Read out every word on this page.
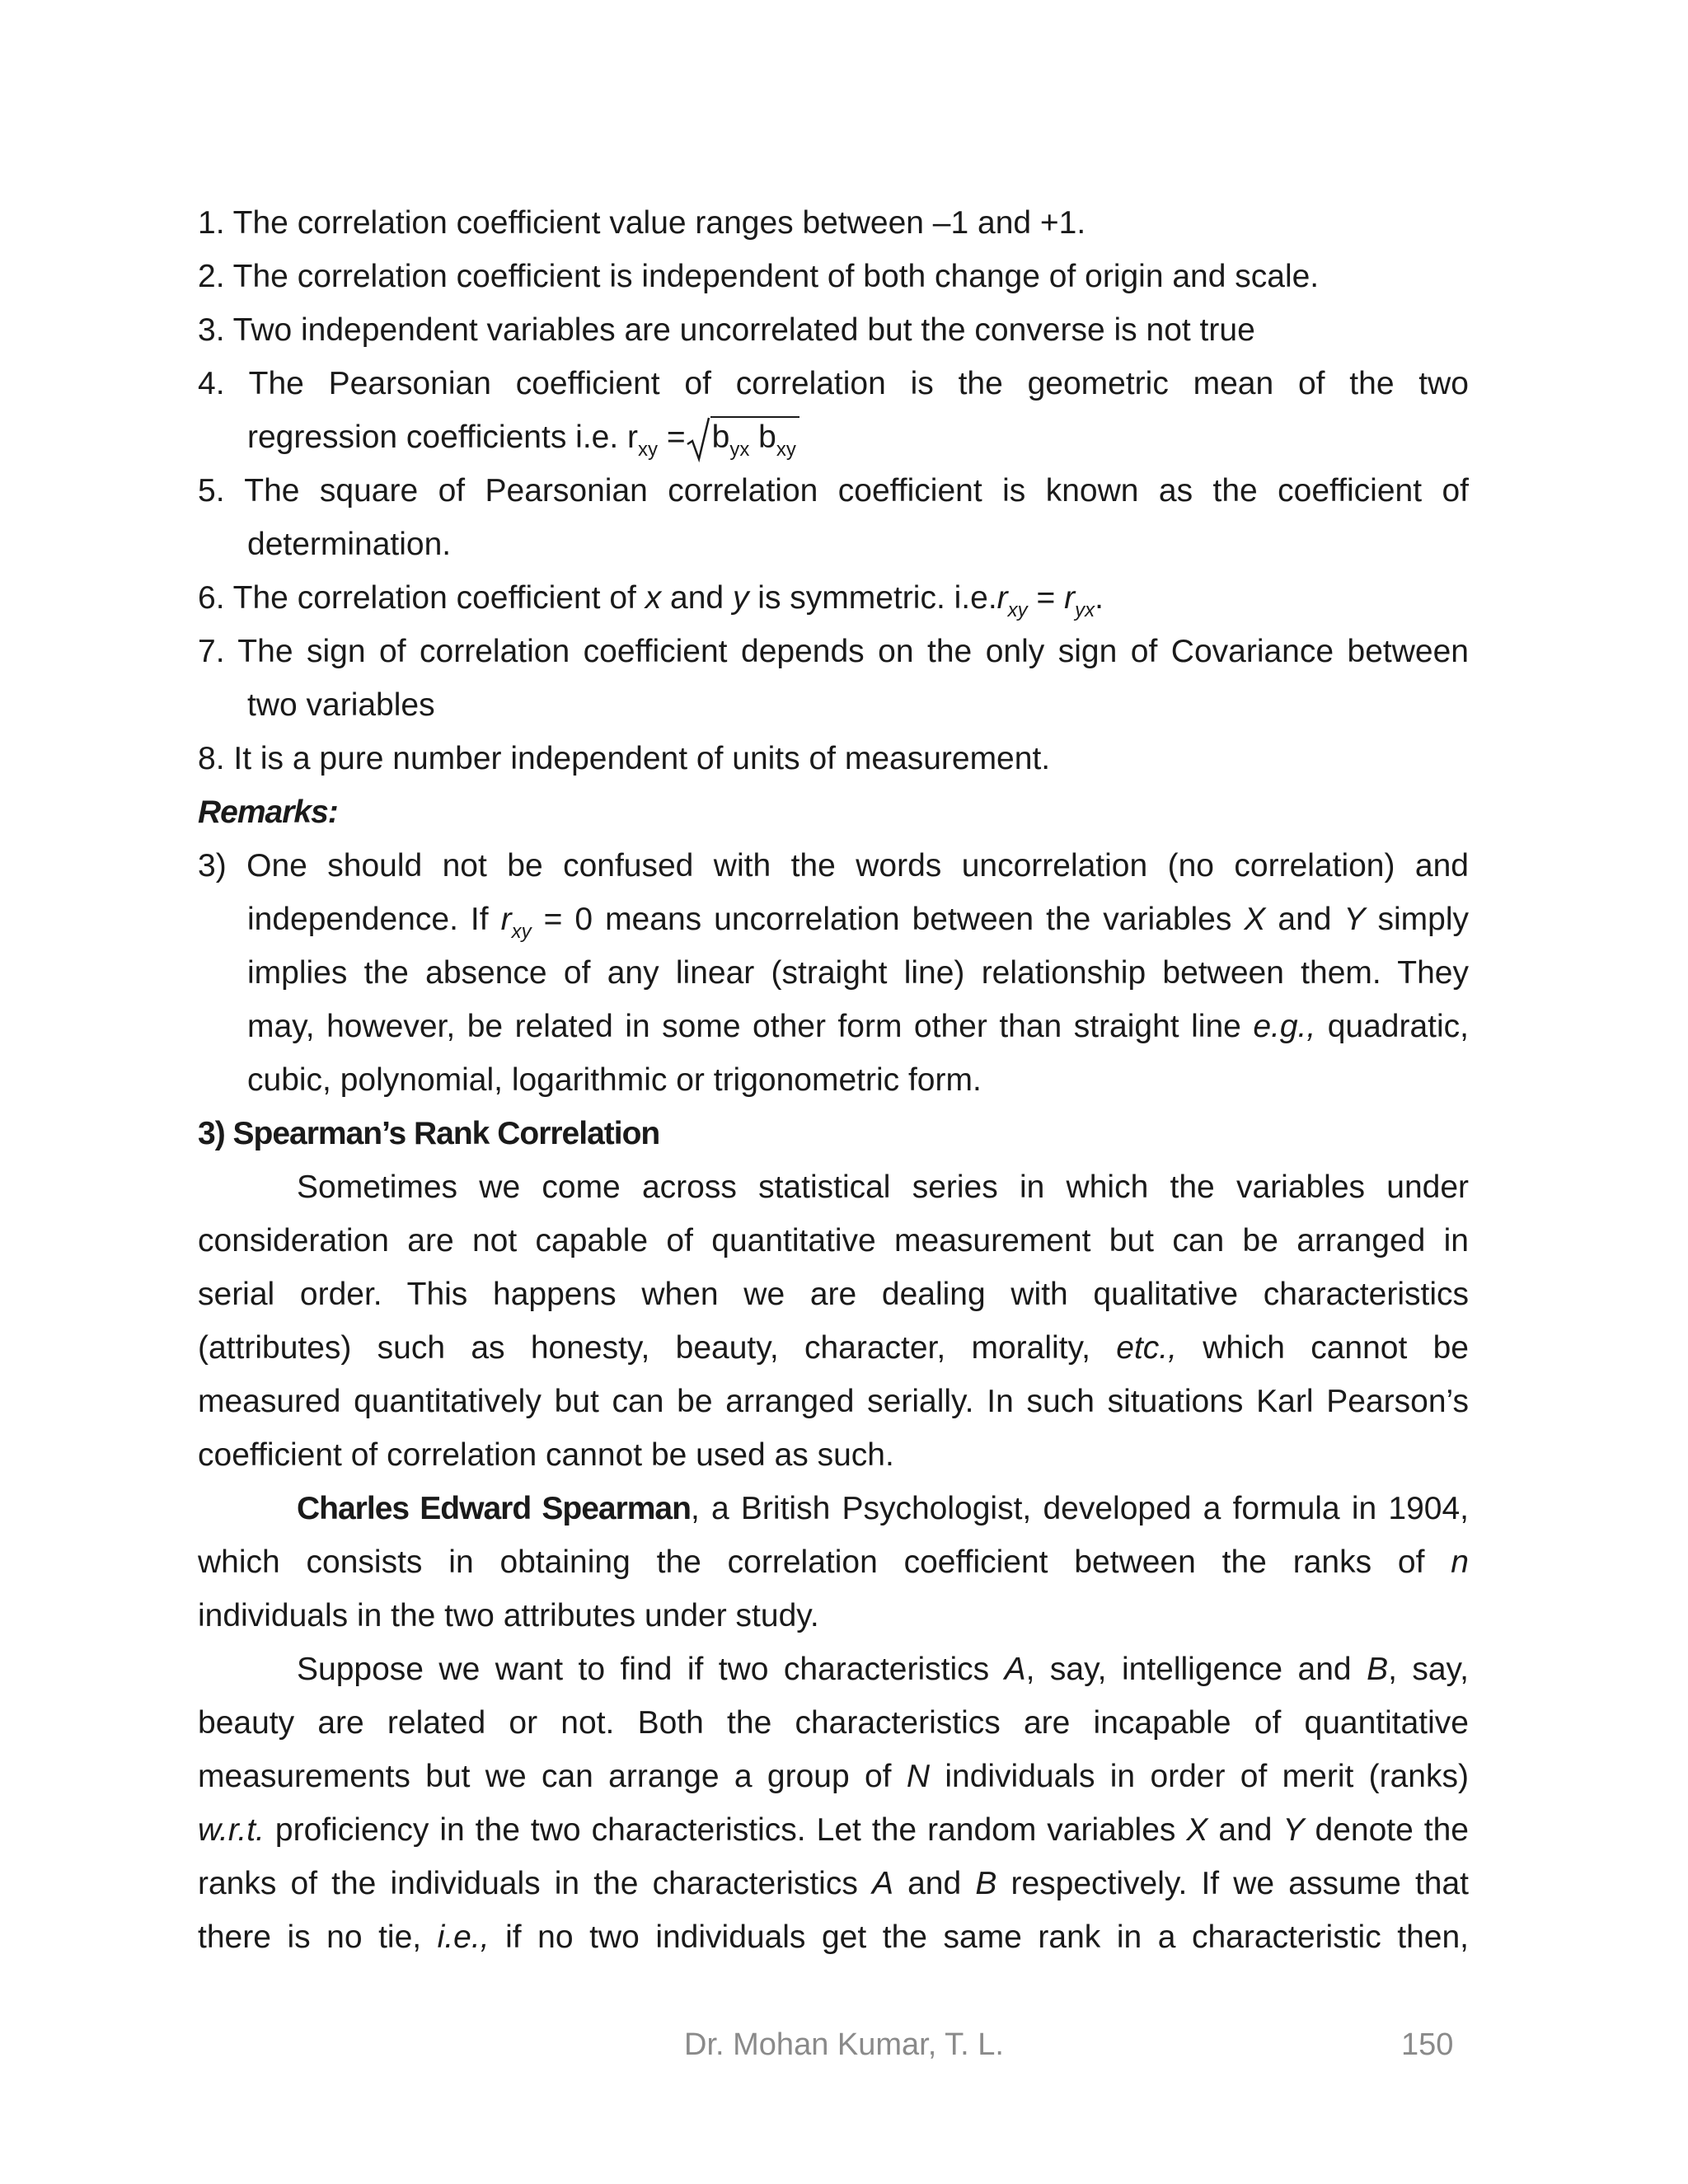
1. The correlation coefficient value ranges between –1 and +1.
2. The correlation coefficient is independent of both change of origin and scale.
3. Two independent variables are uncorrelated but the converse is not true
4. The Pearsonian coefficient of correlation is the geometric mean of the two
regression coefficients i.e. $r_{xy} = b_{yx}$ $b_{xy}$
5. The square of Pearsonian correlation coefficient is known as the coefficient of
determination.
6. The correlation coefficient of x and y is symmetric. $i.e.r_{xy} = r_{yx}$.
7. The sign of correlation coefficient depends on the only sign of Covariance between
two variables
8. It is a pure number independent of units of measurement.
Remarks:
3) One should not be confused with the words uncorrelation (no correlation) and
independence. If $r_{xy} = 0$ means uncorrelation between the variables X and Y simply
implies the absence of any linear (straight line) relationship between them. They
may, however, be related in some other form other than straight line e.g., quadratic,
cubic, polynomial, logarithmic or trigonometric form.
3) Spearman’s Rank Correlation
Sometimes we come across statistical series in which the variables under
consideration are not capable of quantitative measurement but can be arranged in
serial order. This happens when we are dealing with qualitative characteristics
(attributes) such as honesty, beauty, character, morality, etc., which cannot be
measured quantitatively but can be arranged serially. In such situations Karl Pearson’s
coefficient of correlation cannot be used as such.
Charles Edward Spearman, a British Psychologist, developed a formula in 1904,
which consists in obtaining the correlation coefficient between the ranks of n
individuals in the two attributes under study.
Suppose we want to find if two characteristics A, say, intelligence and B, say,
beauty are related or not. Both the characteristics are incapable of quantitative
measurements but we can arrange a group of N individuals in order of merit (ranks)
w.r.t. proficiency in the two characteristics. Let the random variables X and Y denote the
ranks of the individuals in the characteristics A and B respectively. If we assume that
there is no tie, i.e., if no two individuals get the same rank in a characteristic then,
Dr. Mohan Kumar, T. L.	150
